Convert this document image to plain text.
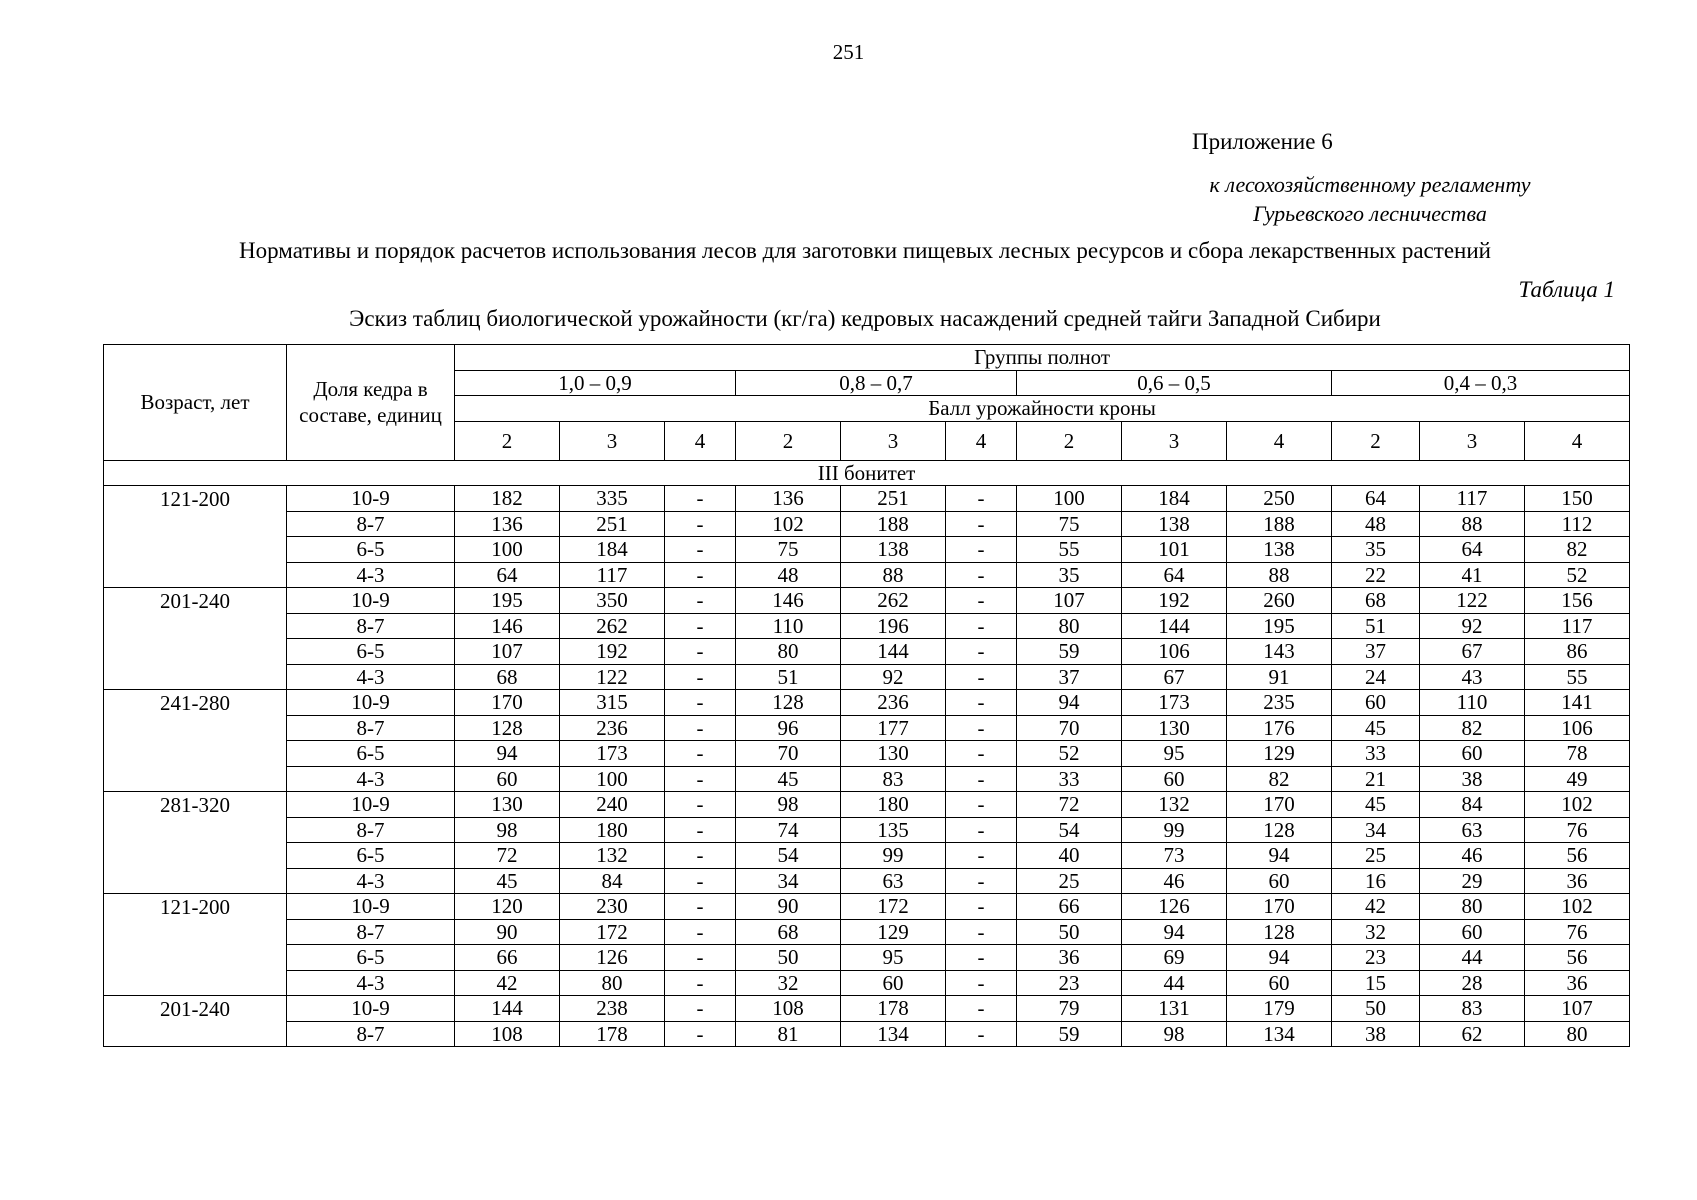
251
Приложение 6
к лесохозяйственному регламенту
Гурьевского лесничества
Нормативы и порядок расчетов использования лесов для заготовки пищевых лесных ресурсов и сбора лекарственных растений
Таблица 1
Эскиз таблиц биологической урожайности (кг/га) кедровых насаждений средней тайги Западной Сибири
Возраст, лет	Доля кедра в составе, единиц	Группы полнот											
		1,0 – 0,9			0,8 – 0,7			0,6 – 0,5			0,4 – 0,3		
		Балл урожайности кроны											
		2	3	4	2	3	4	2	3	4	2	3	4
III бонитет													
121-200	10-9	182	335	-	136	251	-	100	184	250	64	117	150
	8-7	136	251	-	102	188	-	75	138	188	48	88	112
	6-5	100	184	-	75	138	-	55	101	138	35	64	82
	4-3	64	117	-	48	88	-	35	64	88	22	41	52
201-240	10-9	195	350	-	146	262	-	107	192	260	68	122	156
	8-7	146	262	-	110	196	-	80	144	195	51	92	117
	6-5	107	192	-	80	144	-	59	106	143	37	67	86
	4-3	68	122	-	51	92	-	37	67	91	24	43	55
241-280	10-9	170	315	-	128	236	-	94	173	235	60	110	141
	8-7	128	236	-	96	177	-	70	130	176	45	82	106
	6-5	94	173	-	70	130	-	52	95	129	33	60	78
	4-3	60	100	-	45	83	-	33	60	82	21	38	49
281-320	10-9	130	240	-	98	180	-	72	132	170	45	84	102
	8-7	98	180	-	74	135	-	54	99	128	34	63	76
	6-5	72	132	-	54	99	-	40	73	94	25	46	56
	4-3	45	84	-	34	63	-	25	46	60	16	29	36
121-200	10-9	120	230	-	90	172	-	66	126	170	42	80	102
	8-7	90	172	-	68	129	-	50	94	128	32	60	76
	6-5	66	126	-	50	95	-	36	69	94	23	44	56
	4-3	42	80	-	32	60	-	23	44	60	15	28	36
201-240	10-9	144	238	-	108	178	-	79	131	179	50	83	107
	8-7	108	178	-	81	134	-	59	98	134	38	62	80
